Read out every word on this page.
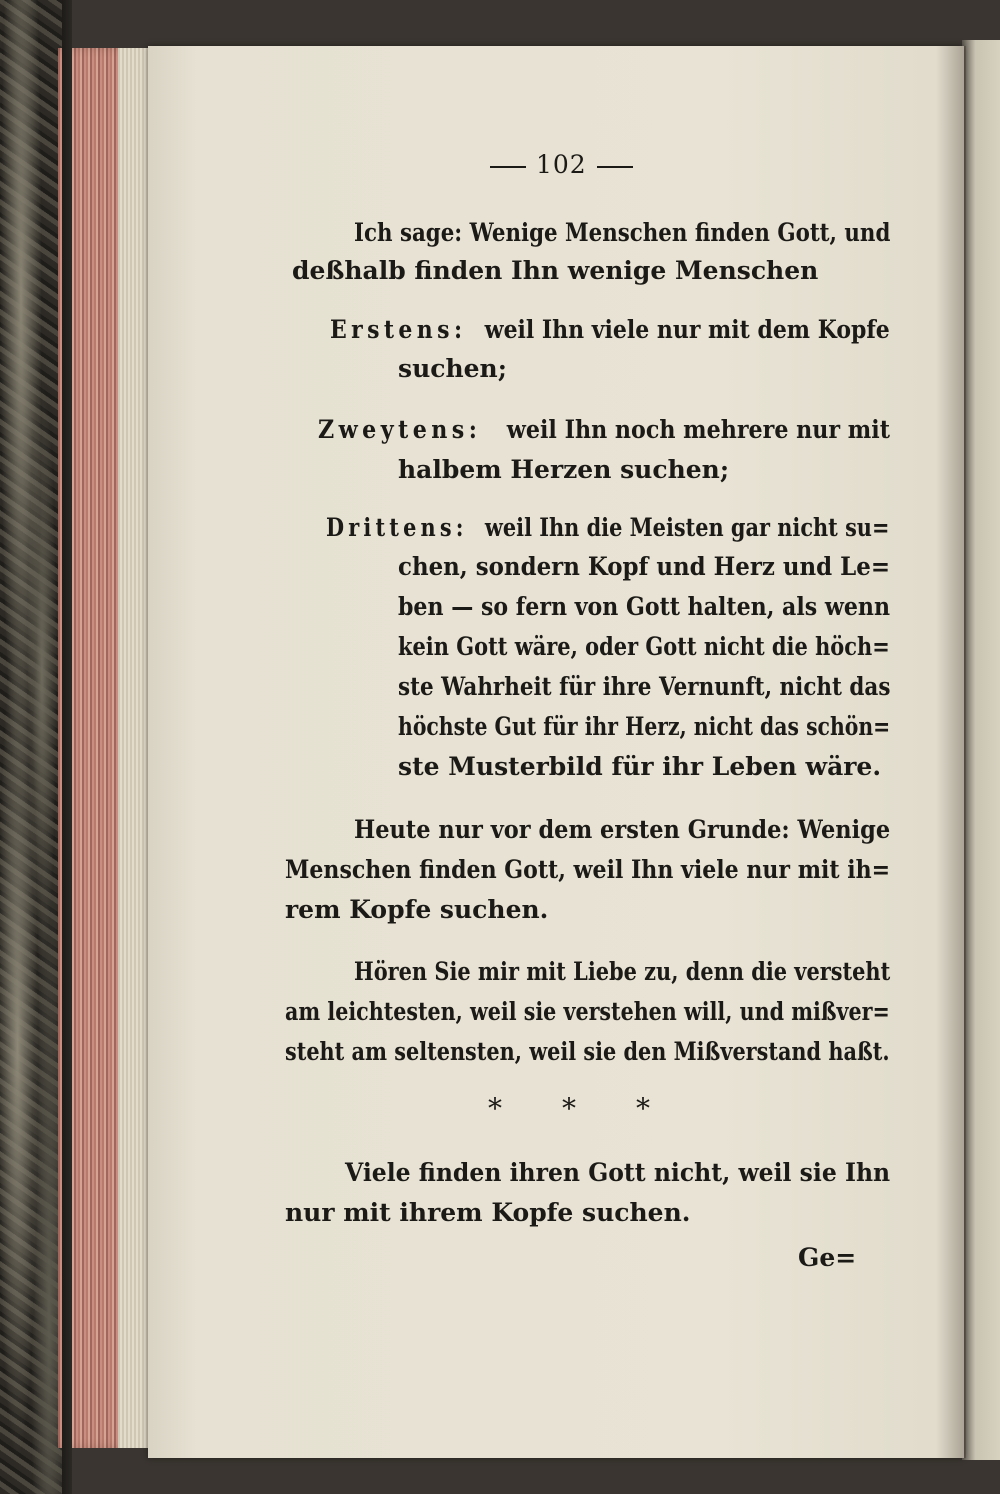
102
Ich sage: Wenige Menschen finden Gott, und
deßhalb finden Ihn wenige Menschen
Erstens: weil Ihn viele nur mit dem Kopfe
suchen;
Zweytens: weil Ihn noch mehrere nur mit
halbem Herzen suchen;
Drittens: weil Ihn die Meisten gar nicht su=
chen, sondern Kopf und Herz und Le=
ben — so fern von Gott halten, als wenn
kein Gott wäre, oder Gott nicht die höch=
ste Wahrheit für ihre Vernunft, nicht das
höchste Gut für ihr Herz, nicht das schön=
ste Musterbild für ihr Leben wäre.
Heute nur vor dem ersten Grunde: Wenige
Menschen finden Gott, weil Ihn viele nur mit ih=
rem Kopfe suchen.
Hören Sie mir mit Liebe zu, denn die versteht
am leichtesten, weil sie verstehen will, und mißver=
steht am seltensten, weil sie den Mißverstand haßt.
* * *
Viele finden ihren Gott nicht, weil sie Ihn
nur mit ihrem Kopfe suchen.
Ge=
